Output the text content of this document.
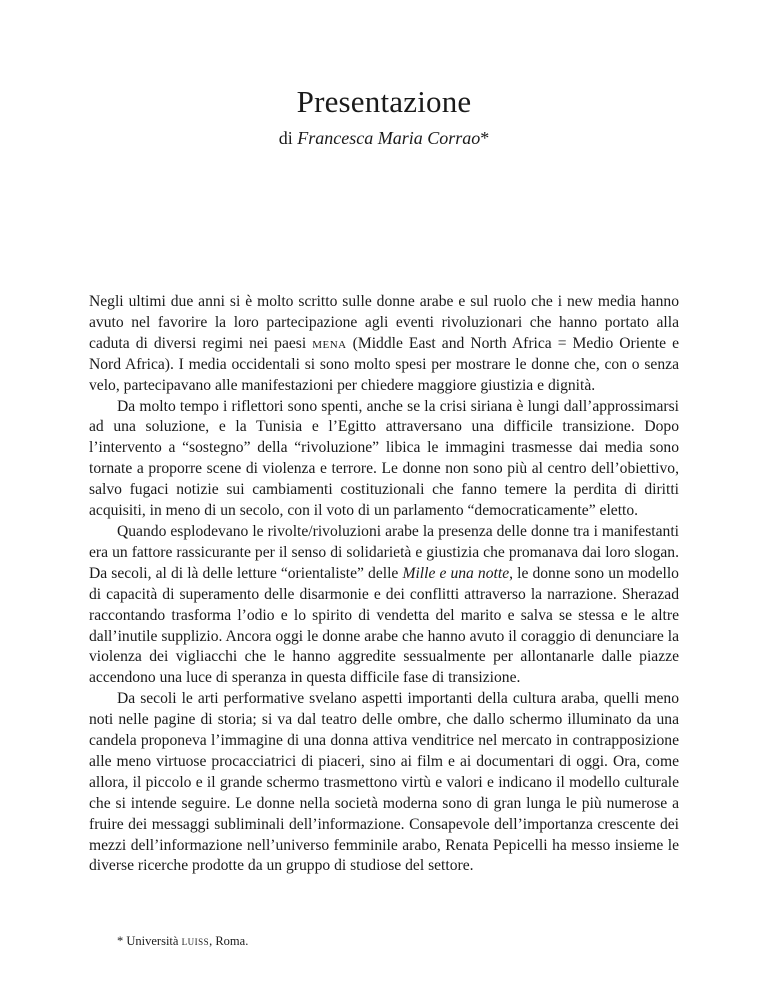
Presentazione

di Francesca Maria Corrao*

Negli ultimi due anni si è molto scritto sulle donne arabe e sul ruolo che i new media hanno avuto nel favorire la loro partecipazione agli eventi rivoluzionari che hanno portato alla caduta di diversi regimi nei paesi mena (Middle East and North Africa = Medio Oriente e Nord Africa). I media occidentali si sono molto spesi per mostrare le donne che, con o senza velo, partecipavano alle manifestazioni per chiedere maggiore giustizia e dignità.

Da molto tempo i riflettori sono spenti, anche se la crisi siriana è lungi dall’approssimarsi ad una soluzione, e la Tunisia e l’Egitto attraversano una difficile transizione. Dopo l’intervento a “sostegno” della “rivoluzione” libica le immagini trasmesse dai media sono tornate a proporre scene di violenza e terrore. Le donne non sono più al centro dell’obiettivo, salvo fugaci notizie sui cambiamenti costituzionali che fanno temere la perdita di diritti acquisiti, in meno di un secolo, con il voto di un parlamento “democraticamente” eletto.

Quando esplodevano le rivolte/rivoluzioni arabe la presenza delle donne tra i manifestanti era un fattore rassicurante per il senso di solidarietà e giustizia che promanava dai loro slogan. Da secoli, al di là delle letture “orientaliste” delle Mille e una notte, le donne sono un modello di capacità di superamento delle disarmonie e dei conflitti attraverso la narrazione. Sherazad raccontando trasforma l’odio e lo spirito di vendetta del marito e salva se stessa e le altre dall’inutile supplizio. Ancora oggi le donne arabe che hanno avuto il coraggio di denunciare la violenza dei vigliacchi che le hanno aggredite sessualmente per allontanarle dalle piazze accendono una luce di speranza in questa difficile fase di transizione.

Da secoli le arti performative svelano aspetti importanti della cultura araba, quelli meno noti nelle pagine di storia; si va dal teatro delle ombre, che dallo schermo illuminato da una candela proponeva l’immagine di una donna attiva venditrice nel mercato in contrapposizione alle meno virtuose procacciatrici di piaceri, sino ai film e ai documentari di oggi. Ora, come allora, il piccolo e il grande schermo trasmettono virtù e valori e indicano il modello culturale che si intende seguire. Le donne nella società moderna sono di gran lunga le più numerose a fruire dei messaggi subliminali dell’informazione. Consapevole dell’importanza crescente dei mezzi dell’informazione nell’universo femminile arabo, Renata Pepicelli ha messo insieme le diverse ricerche prodotte da un gruppo di studiose del settore.

* Università luiss, Roma.
